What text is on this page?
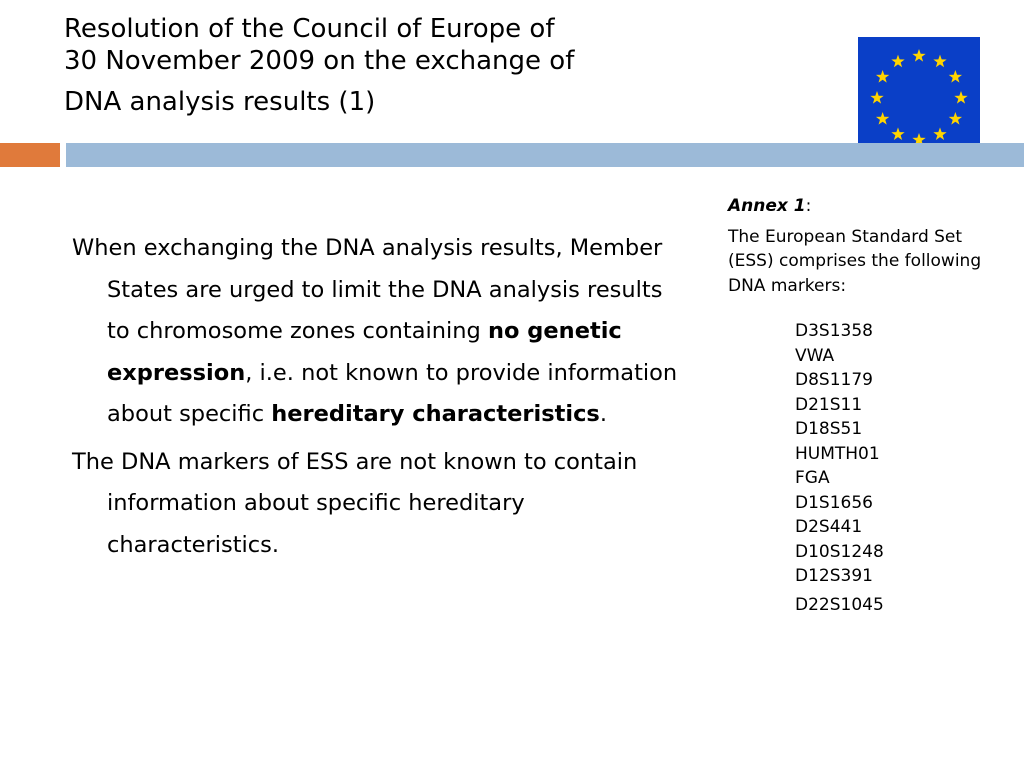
Resolution of the Council of Europe of
30 November 2009 on the exchange of
DNA analysis results (1)

When exchanging the DNA analysis results, Member States are urged to limit the DNA analysis results to chromosome zones containing no genetic expression, i.e. not known to provide information about specific hereditary characteristics.

The DNA markers of ESS are not known to contain information about specific hereditary characteristics.

Annex 1:

The European Standard Set (ESS) comprises the following DNA markers:

D3S1358
VWA
D8S1179
D21S11
D18S51
HUMTH01
FGA
D1S1656
D2S441
D10S1248
D12S391
D22S1045
